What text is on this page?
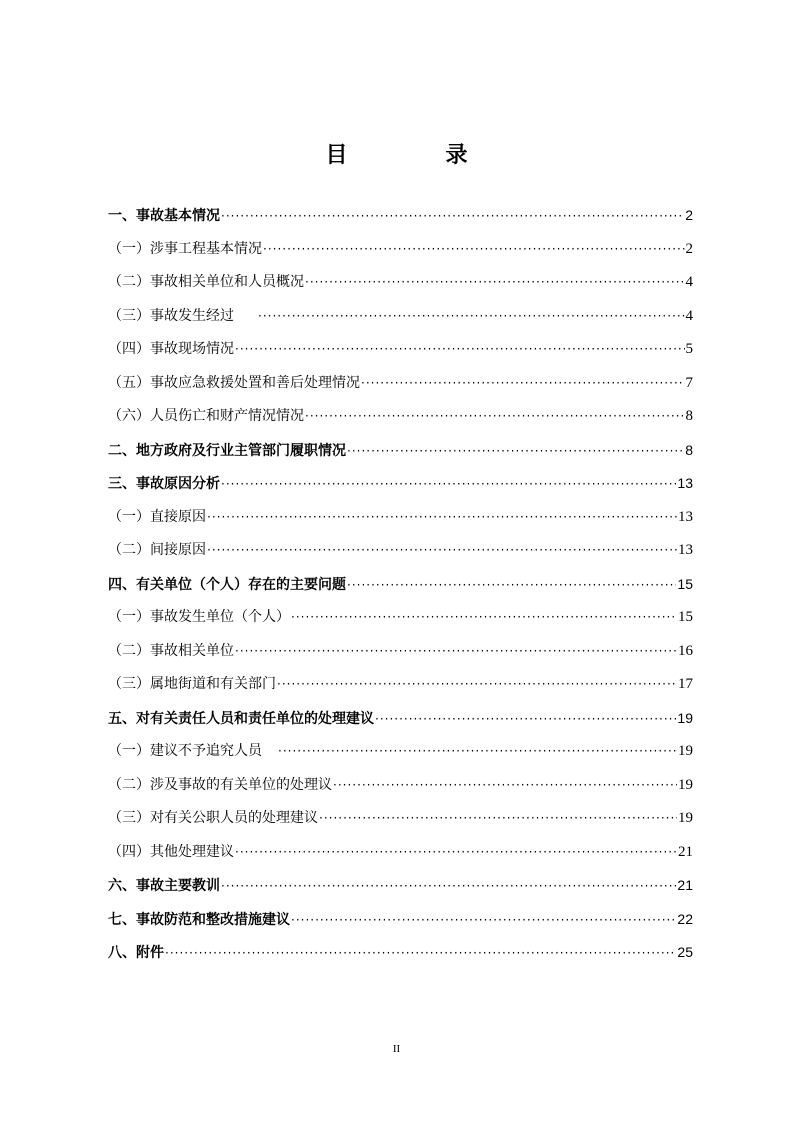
目　录
一、事故基本情况 ·····	2
（一）涉事工程基本情况 ·····	2
（二）事故相关单位和人员概况 ·····	4
（三）事故发生经过 ·····	4
（四）事故现场情况 ·····	5
（五）事故应急救援处置和善后处理情况 ·····	7
（六）人员伤亡和财产情况情况 ·····	8
二、地方政府及行业主管部门履职情况 ·····	8
三、事故原因分析 ·····	13
（一）直接原因 ·····	13
（二）间接原因 ·····	13
四、有关单位（个人）存在的主要问题 ·····	15
（一）事故发生单位（个人） ·····	15
（二）事故相关单位 ·····	16
（三）属地街道和有关部门 ·····	17
五、对有关责任人员和责任单位的处理建议 ·····	19
（一）建议不予追究人员 ·····	19
（二）涉及事故的有关单位的处理议 ·····	19
（三）对有关公职人员的处理建议 ·····	19
（四）其他处理建议 ·····	21
六、事故主要教训 ·····	21
七、事故防范和整改措施建议 ·····	22
八、附件 ·····	25
II
